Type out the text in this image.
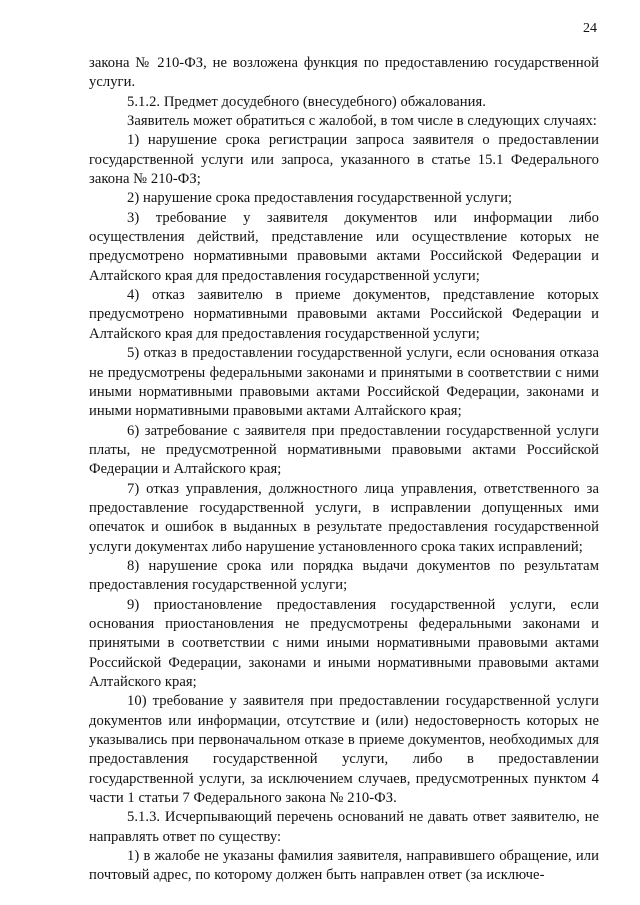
24

закона № 210-ФЗ, не возложена функция по предоставлению государственной услуги.

5.1.2. Предмет досудебного (внесудебного) обжалования.

Заявитель может обратиться с жалобой, в том числе в следующих случаях:

1) нарушение срока регистрации запроса заявителя о предоставлении государственной услуги или запроса, указанного в статье 15.1 Федерального закона № 210-ФЗ;

2) нарушение срока предоставления государственной услуги;

3) требование у заявителя документов или информации либо осуществления действий, представление или осуществление которых не предусмотрено нормативными правовыми актами Российской Федерации и Алтайского края для предоставления государственной услуги;

4) отказ заявителю в приеме документов, представление которых предусмотрено нормативными правовыми актами Российской Федерации и Алтайского края для предоставления государственной услуги;

5) отказ в предоставлении государственной услуги, если основания отказа не предусмотрены федеральными законами и принятыми в соответствии с ними иными нормативными правовыми актами Российской Федерации, законами и иными нормативными правовыми актами Алтайского края;

6) затребование с заявителя при предоставлении государственной услуги платы, не предусмотренной нормативными правовыми актами Российской Федерации и Алтайского края;

7) отказ управления, должностного лица управления, ответственного за предоставление государственной услуги, в исправлении допущенных ими опечаток и ошибок в выданных в результате предоставления государственной услуги документах либо нарушение установленного срока таких исправлений;

8) нарушение срока или порядка выдачи документов по результатам предоставления государственной услуги;

9) приостановление предоставления государственной услуги, если основания приостановления не предусмотрены федеральными законами и принятыми в соответствии с ними иными нормативными правовыми актами Российской Федерации, законами и иными нормативными правовыми актами Алтайского края;

10) требование у заявителя при предоставлении государственной услуги документов или информации, отсутствие и (или) недостоверность которых не указывались при первоначальном отказе в приеме документов, необходимых для предоставления государственной услуги, либо в предоставлении государственной услуги, за исключением случаев, предусмотренных пунктом 4 части 1 статьи 7 Федерального закона № 210-ФЗ.

5.1.3. Исчерпывающий перечень оснований не давать ответ заявителю, не направлять ответ по существу:

1) в жалобе не указаны фамилия заявителя, направившего обращение, или почтовый адрес, по которому должен быть направлен ответ (за исключе-
